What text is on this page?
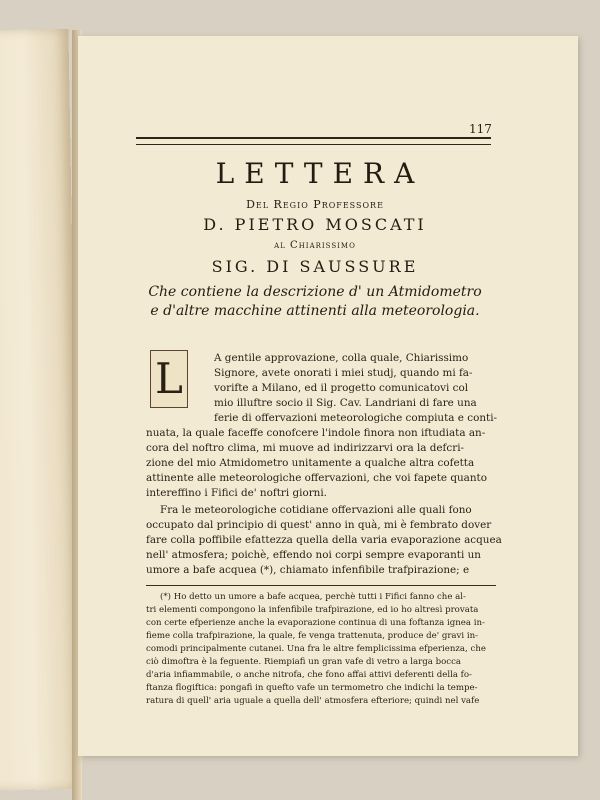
117
LETTERA
Del Regio Professore
D. PIETRO MOSCATI
al Chiarissimo
SIG. DI SAUSSURE
Che contiene la descrizione d' un Atmidometro
e d'altre macchine attinenti alla meteorologia.
L	A gentile approvazione, colla quale, Chiarissimo
Signore, avete onorati i miei studj, quando mi fa-
vorifte a Milano, ed il progetto comunicatovi col
mio illuftre socio il Sig. Cav. Landriani di fare una
ferie di offervazioni meteorologiche compiuta e conti-
nuata, la quale faceffe conofcere l'indole finora non iftudiata an-
cora del noftro clima, mi muove ad indirizzarvi ora la defcri-
zione del mio Atmidometro unitamente a qualche altra cofetta
attinente alle meteorologiche offervazioni, che voi fapete quanto
intereffino i Fifici de' noftri giorni.
Fra le meteorologiche cotidiane offervazioni alle quali fono
occupato dal principio di quest' anno in quà, mi è fembrato dover
fare colla poffibile efattezza quella della varia evaporazione acquea
nell' atmosfera; poichè, effendo noi corpi sempre evaporanti un
umore a bafe acquea (*), chiamato infenfibile trafpirazione; e
(*) Ho detto un umore a bafe acquea, perchè tutti i Fifici fanno che al-
tri elementi compongono la infenfibile trafpirazione, ed io ho altresì provata
con certe efperienze anche la evaporazione continua di una foftanza ignea in-
fieme colla trafpirazione, la quale, fe venga trattenuta, produce de' gravi in-
comodi principalmente cutanei. Una fra le altre femplicissima efperienza, che
ciò dimoftra è la feguente. Riempiafi un gran vafe di vetro a larga bocca
d'aria infiammabile, o anche nitrofa, che fono affai attivi deferenti della fo-
ftanza flogiftica: pongafi in quefto vafe un termometro che indichi la tempe-
ratura di quell' aria uguale a quella dell' atmosfera efteriore; quindi nel vafe
